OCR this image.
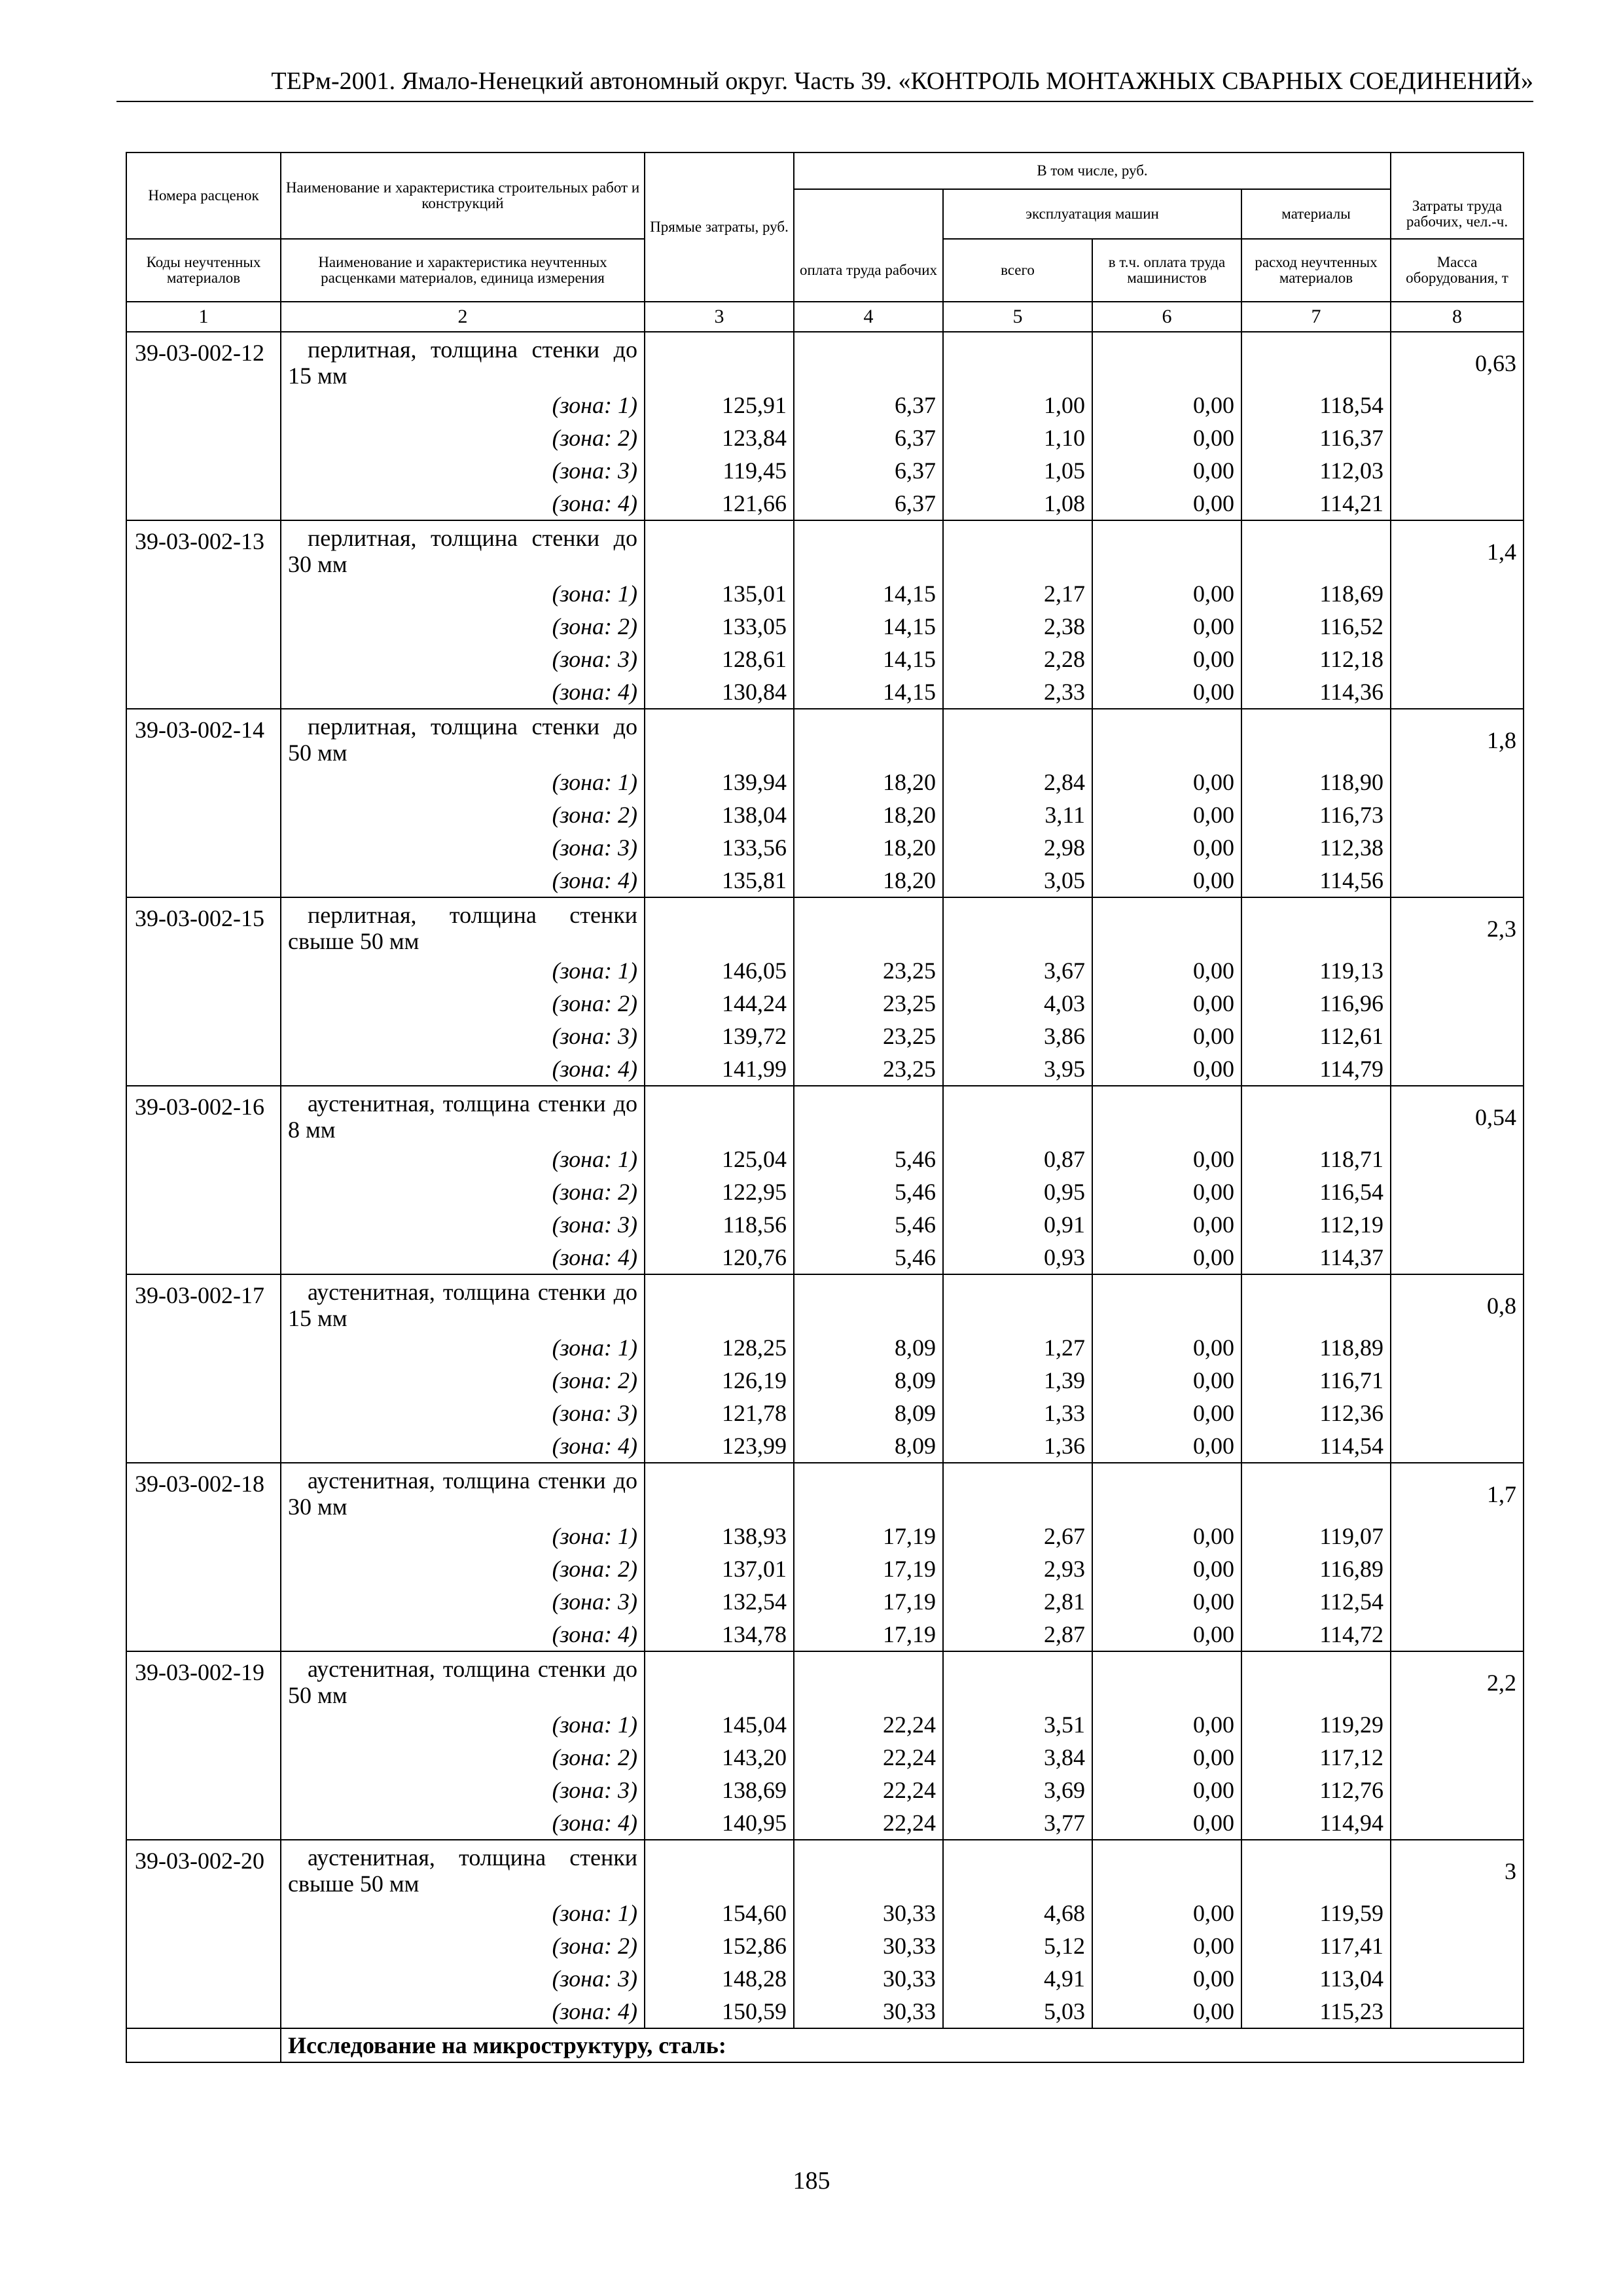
ТЕРм-2001. Ямало-Ненецкий автономный округ. Часть 39. «КОНТРОЛЬ МОНТАЖНЫХ СВАРНЫХ СОЕДИНЕНИЙ»
Номера расценок	Наименование и характеристика строительных работ и конструкций	Прямые затраты, руб.	В том числе, руб.				
				эксплуатация машин		материалы	Затраты труда рабочих, чел.-ч.
Коды неучтенных материалов	Наименование и характеристика неучтенных расценками материалов, единица измерения		оплата труда рабочих	всего	в т.ч. оплата труда машинистов	расход неучтенных материалов	Масса оборудования, т
1	2	3	4	5	6	7	8
39-03-002-12	перлитная, толщина стенки до 15 мм						0,63
	(зона: 1)	125,91	6,37	1,00	0,00	118,54	
	(зона: 2)	123,84	6,37	1,10	0,00	116,37	
	(зона: 3)	119,45	6,37	1,05	0,00	112,03	
	(зона: 4)	121,66	6,37	1,08	0,00	114,21	
39-03-002-13	перлитная, толщина стенки до 30 мм						1,4
	(зона: 1)	135,01	14,15	2,17	0,00	118,69	
	(зона: 2)	133,05	14,15	2,38	0,00	116,52	
	(зона: 3)	128,61	14,15	2,28	0,00	112,18	
	(зона: 4)	130,84	14,15	2,33	0,00	114,36	
39-03-002-14	перлитная, толщина стенки до 50 мм						1,8
	(зона: 1)	139,94	18,20	2,84	0,00	118,90	
	(зона: 2)	138,04	18,20	3,11	0,00	116,73	
	(зона: 3)	133,56	18,20	2,98	0,00	112,38	
	(зона: 4)	135,81	18,20	3,05	0,00	114,56	
39-03-002-15	перлитная, толщина стенки свыше 50 мм						2,3
	(зона: 1)	146,05	23,25	3,67	0,00	119,13	
	(зона: 2)	144,24	23,25	4,03	0,00	116,96	
	(зона: 3)	139,72	23,25	3,86	0,00	112,61	
	(зона: 4)	141,99	23,25	3,95	0,00	114,79	
39-03-002-16	аустенитная, толщина стенки до 8 мм						0,54
	(зона: 1)	125,04	5,46	0,87	0,00	118,71	
	(зона: 2)	122,95	5,46	0,95	0,00	116,54	
	(зона: 3)	118,56	5,46	0,91	0,00	112,19	
	(зона: 4)	120,76	5,46	0,93	0,00	114,37	
39-03-002-17	аустенитная, толщина стенки до 15 мм						0,8
	(зона: 1)	128,25	8,09	1,27	0,00	118,89	
	(зона: 2)	126,19	8,09	1,39	0,00	116,71	
	(зона: 3)	121,78	8,09	1,33	0,00	112,36	
	(зона: 4)	123,99	8,09	1,36	0,00	114,54	
39-03-002-18	аустенитная, толщина стенки до 30 мм						1,7
	(зона: 1)	138,93	17,19	2,67	0,00	119,07	
	(зона: 2)	137,01	17,19	2,93	0,00	116,89	
	(зона: 3)	132,54	17,19	2,81	0,00	112,54	
	(зона: 4)	134,78	17,19	2,87	0,00	114,72	
39-03-002-19	аустенитная, толщина стенки до 50 мм						2,2
	(зона: 1)	145,04	22,24	3,51	0,00	119,29	
	(зона: 2)	143,20	22,24	3,84	0,00	117,12	
	(зона: 3)	138,69	22,24	3,69	0,00	112,76	
	(зона: 4)	140,95	22,24	3,77	0,00	114,94	
39-03-002-20	аустенитная, толщина стенки свыше 50 мм						3
	(зона: 1)	154,60	30,33	4,68	0,00	119,59	
	(зона: 2)	152,86	30,33	5,12	0,00	117,41	
	(зона: 3)	148,28	30,33	4,91	0,00	113,04	
	(зона: 4)	150,59	30,33	5,03	0,00	115,23	
	Исследование на микроструктуру, сталь:						
185
